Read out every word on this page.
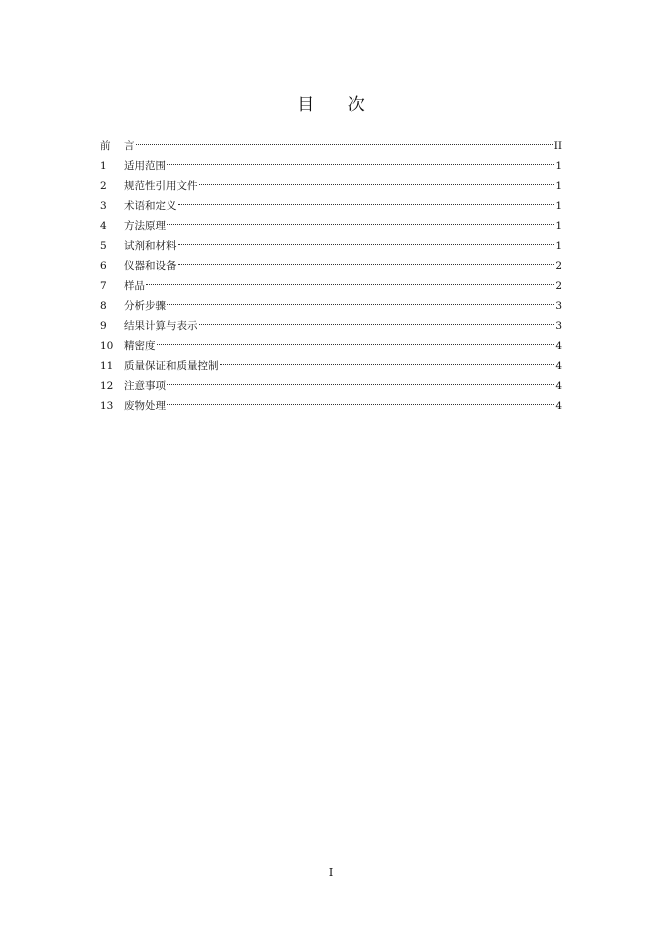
目 次
前	言	II
1	适用范围	1
2	规范性引用文件	1
3	术语和定义	1
4	方法原理	1
5	试剂和材料	1
6	仪器和设备	2
7	样品	2
8	分析步骤	3
9	结果计算与表示	3
10	精密度	4
11	质量保证和质量控制	4
12	注意事项	4
13	废物处理	4
I
